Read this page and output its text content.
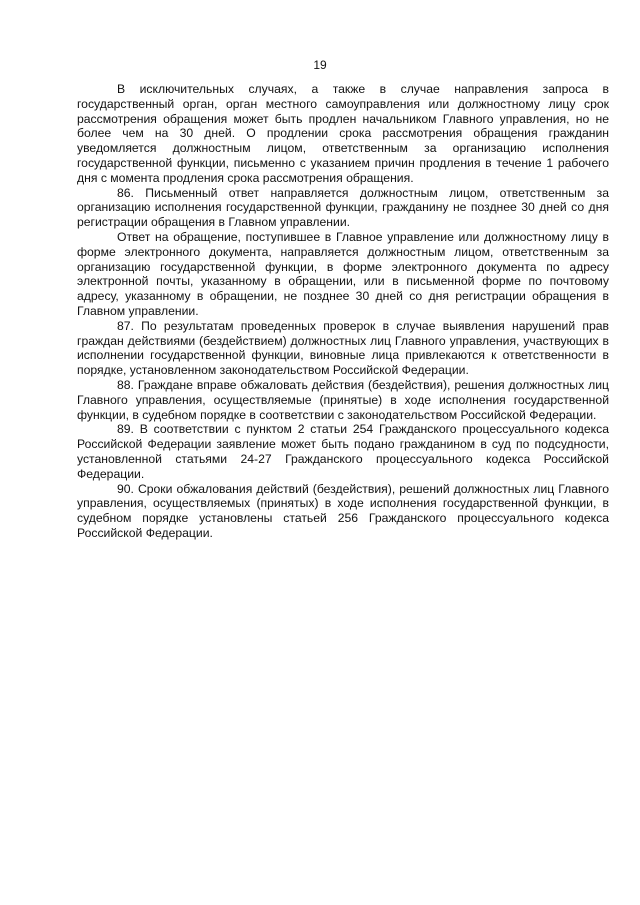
19

В исключительных случаях, а также в случае направления запроса в государственный орган, орган местного самоуправления или должностному лицу срок рассмотрения обращения может быть продлен начальником Главного управления, но не более чем на 30 дней. О продлении срока рассмотрения обращения гражданин уведомляется должностным лицом, ответственным за организацию исполнения государственной функции, письменно с указанием причин продления в течение 1 рабочего дня с момента продления срока рассмотрения обращения.

86. Письменный ответ направляется должностным лицом, ответственным за организацию исполнения государственной функции, гражданину не позднее 30 дней со дня регистрации обращения в Главном управлении.

Ответ на обращение, поступившее в Главное управление или должностному лицу в форме электронного документа, направляется должностным лицом, ответственным за организацию государственной функции, в форме электронного документа по адресу электронной почты, указанному в обращении, или в письменной форме по почтовому адресу, указанному в обращении, не позднее 30 дней со дня регистрации обращения в Главном управлении.

87. По результатам проведенных проверок в случае выявления нарушений прав граждан действиями (бездействием) должностных лиц Главного управления, участвующих в исполнении государственной функции, виновные лица привлекаются к ответственности в порядке, установленном законодательством Российской Федерации.

88. Граждане вправе обжаловать действия (бездействия), решения должностных лиц Главного управления, осуществляемые (принятые) в ходе исполнения государственной функции, в судебном порядке в соответствии с законодательством Российской Федерации.

89. В соответствии с пунктом 2 статьи 254 Гражданского процессуального кодекса Российской Федерации заявление может быть подано гражданином в суд по подсудности, установленной статьями 24-27 Гражданского процессуального кодекса Российской Федерации.

90. Сроки обжалования действий (бездействия), решений должностных лиц Главного управления, осуществляемых (принятых) в ходе исполнения государственной функции, в судебном порядке установлены статьей 256 Гражданского процессуального кодекса Российской Федерации.
